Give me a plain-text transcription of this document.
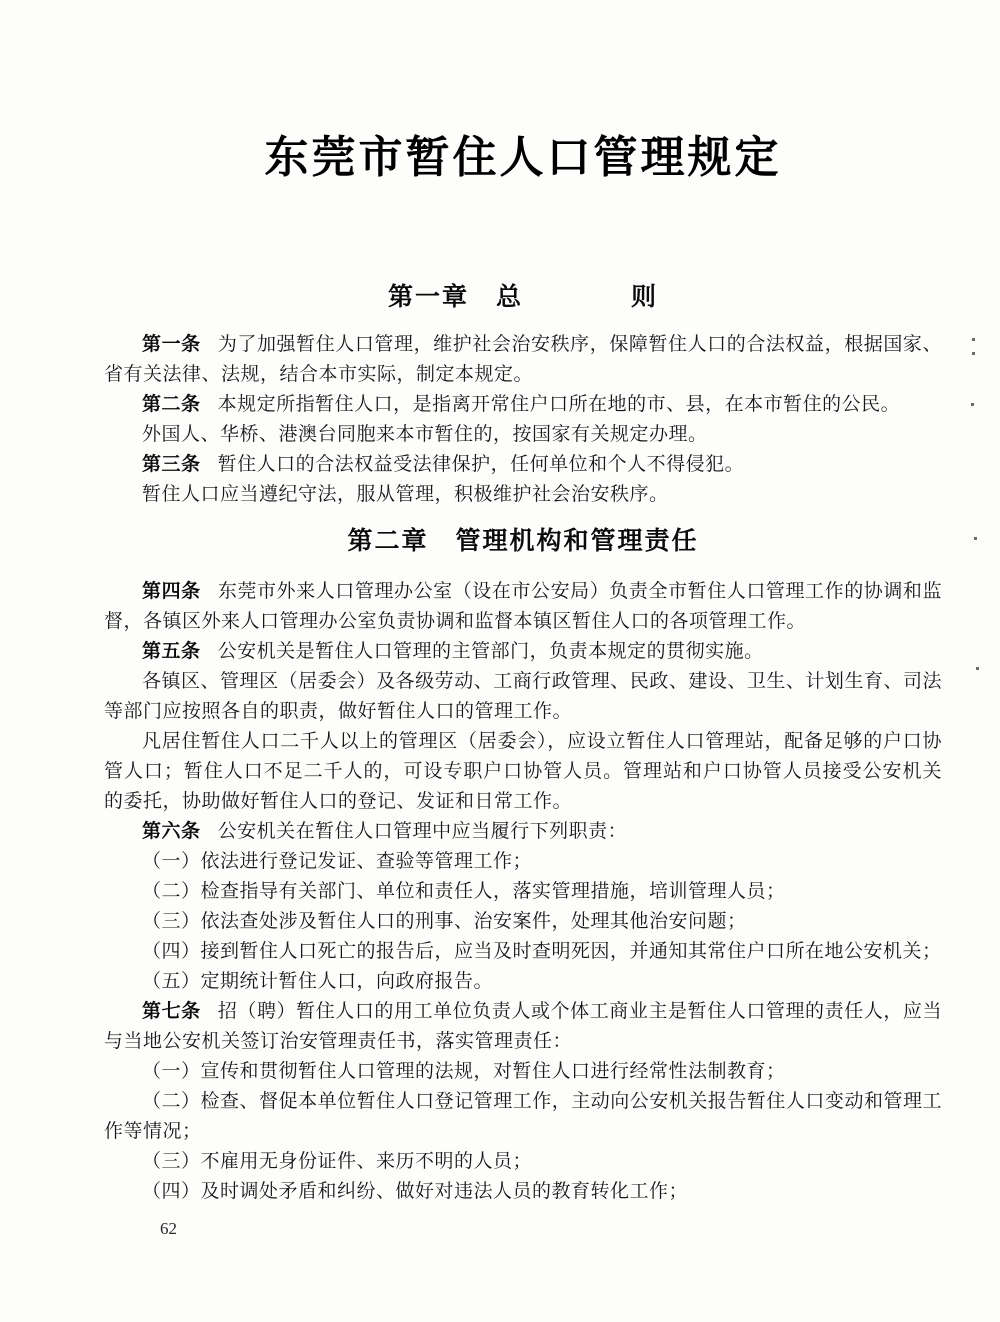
东莞市暂住人口管理规定
第一章　总　　　　则

第一条 为了加强暂住人口管理，维护社会治安秩序，保障暂住人口的合法权益，根据国家、省有关法律、法规，结合本市实际，制定本规定。

第二条 本规定所指暂住人口，是指离开常住户口所在地的市、县，在本市暂住的公民。

外国人、华桥、港澳台同胞来本市暂住的，按国家有关规定办理。

第三条 暂住人口的合法权益受法律保护，任何单位和个人不得侵犯。

暂住人口应当遵纪守法，服从管理，积极维护社会治安秩序。

第二章　管理机构和管理责任

第四条 东莞市外来人口管理办公室（设在市公安局）负责全市暂住人口管理工作的协调和监督，各镇区外来人口管理办公室负责协调和监督本镇区暂住人口的各项管理工作。

第五条 公安机关是暂住人口管理的主管部门，负责本规定的贯彻实施。

各镇区、管理区（居委会）及各级劳动、工商行政管理、民政、建设、卫生、计划生育、司法等部门应按照各自的职责，做好暂住人口的管理工作。

凡居住暂住人口二千人以上的管理区（居委会），应设立暂住人口管理站，配备足够的户口协管人口；暂住人口不足二千人的，可设专职户口协管人员。管理站和户口协管人员接受公安机关的委托，协助做好暂住人口的登记、发证和日常工作。

第六条 公安机关在暂住人口管理中应当履行下列职责：

（一）依法进行登记发证、查验等管理工作；

（二）检查指导有关部门、单位和责任人，落实管理措施，培训管理人员；

（三）依法查处涉及暂住人口的刑事、治安案件，处理其他治安问题；

（四）接到暂住人口死亡的报告后，应当及时查明死因，并通知其常住户口所在地公安机关；

（五）定期统计暂住人口，向政府报告。

第七条 招（聘）暂住人口的用工单位负责人或个体工商业主是暂住人口管理的责任人，应当与当地公安机关签订治安管理责任书，落实管理责任：

（一）宣传和贯彻暂住人口管理的法规，对暂住人口进行经常性法制教育；

（二）检查、督促本单位暂住人口登记管理工作，主动向公安机关报告暂住人口变动和管理工作等情况；

（三）不雇用无身份证件、来历不明的人员；

（四）及时调处矛盾和纠纷、做好对违法人员的教育转化工作；

62
